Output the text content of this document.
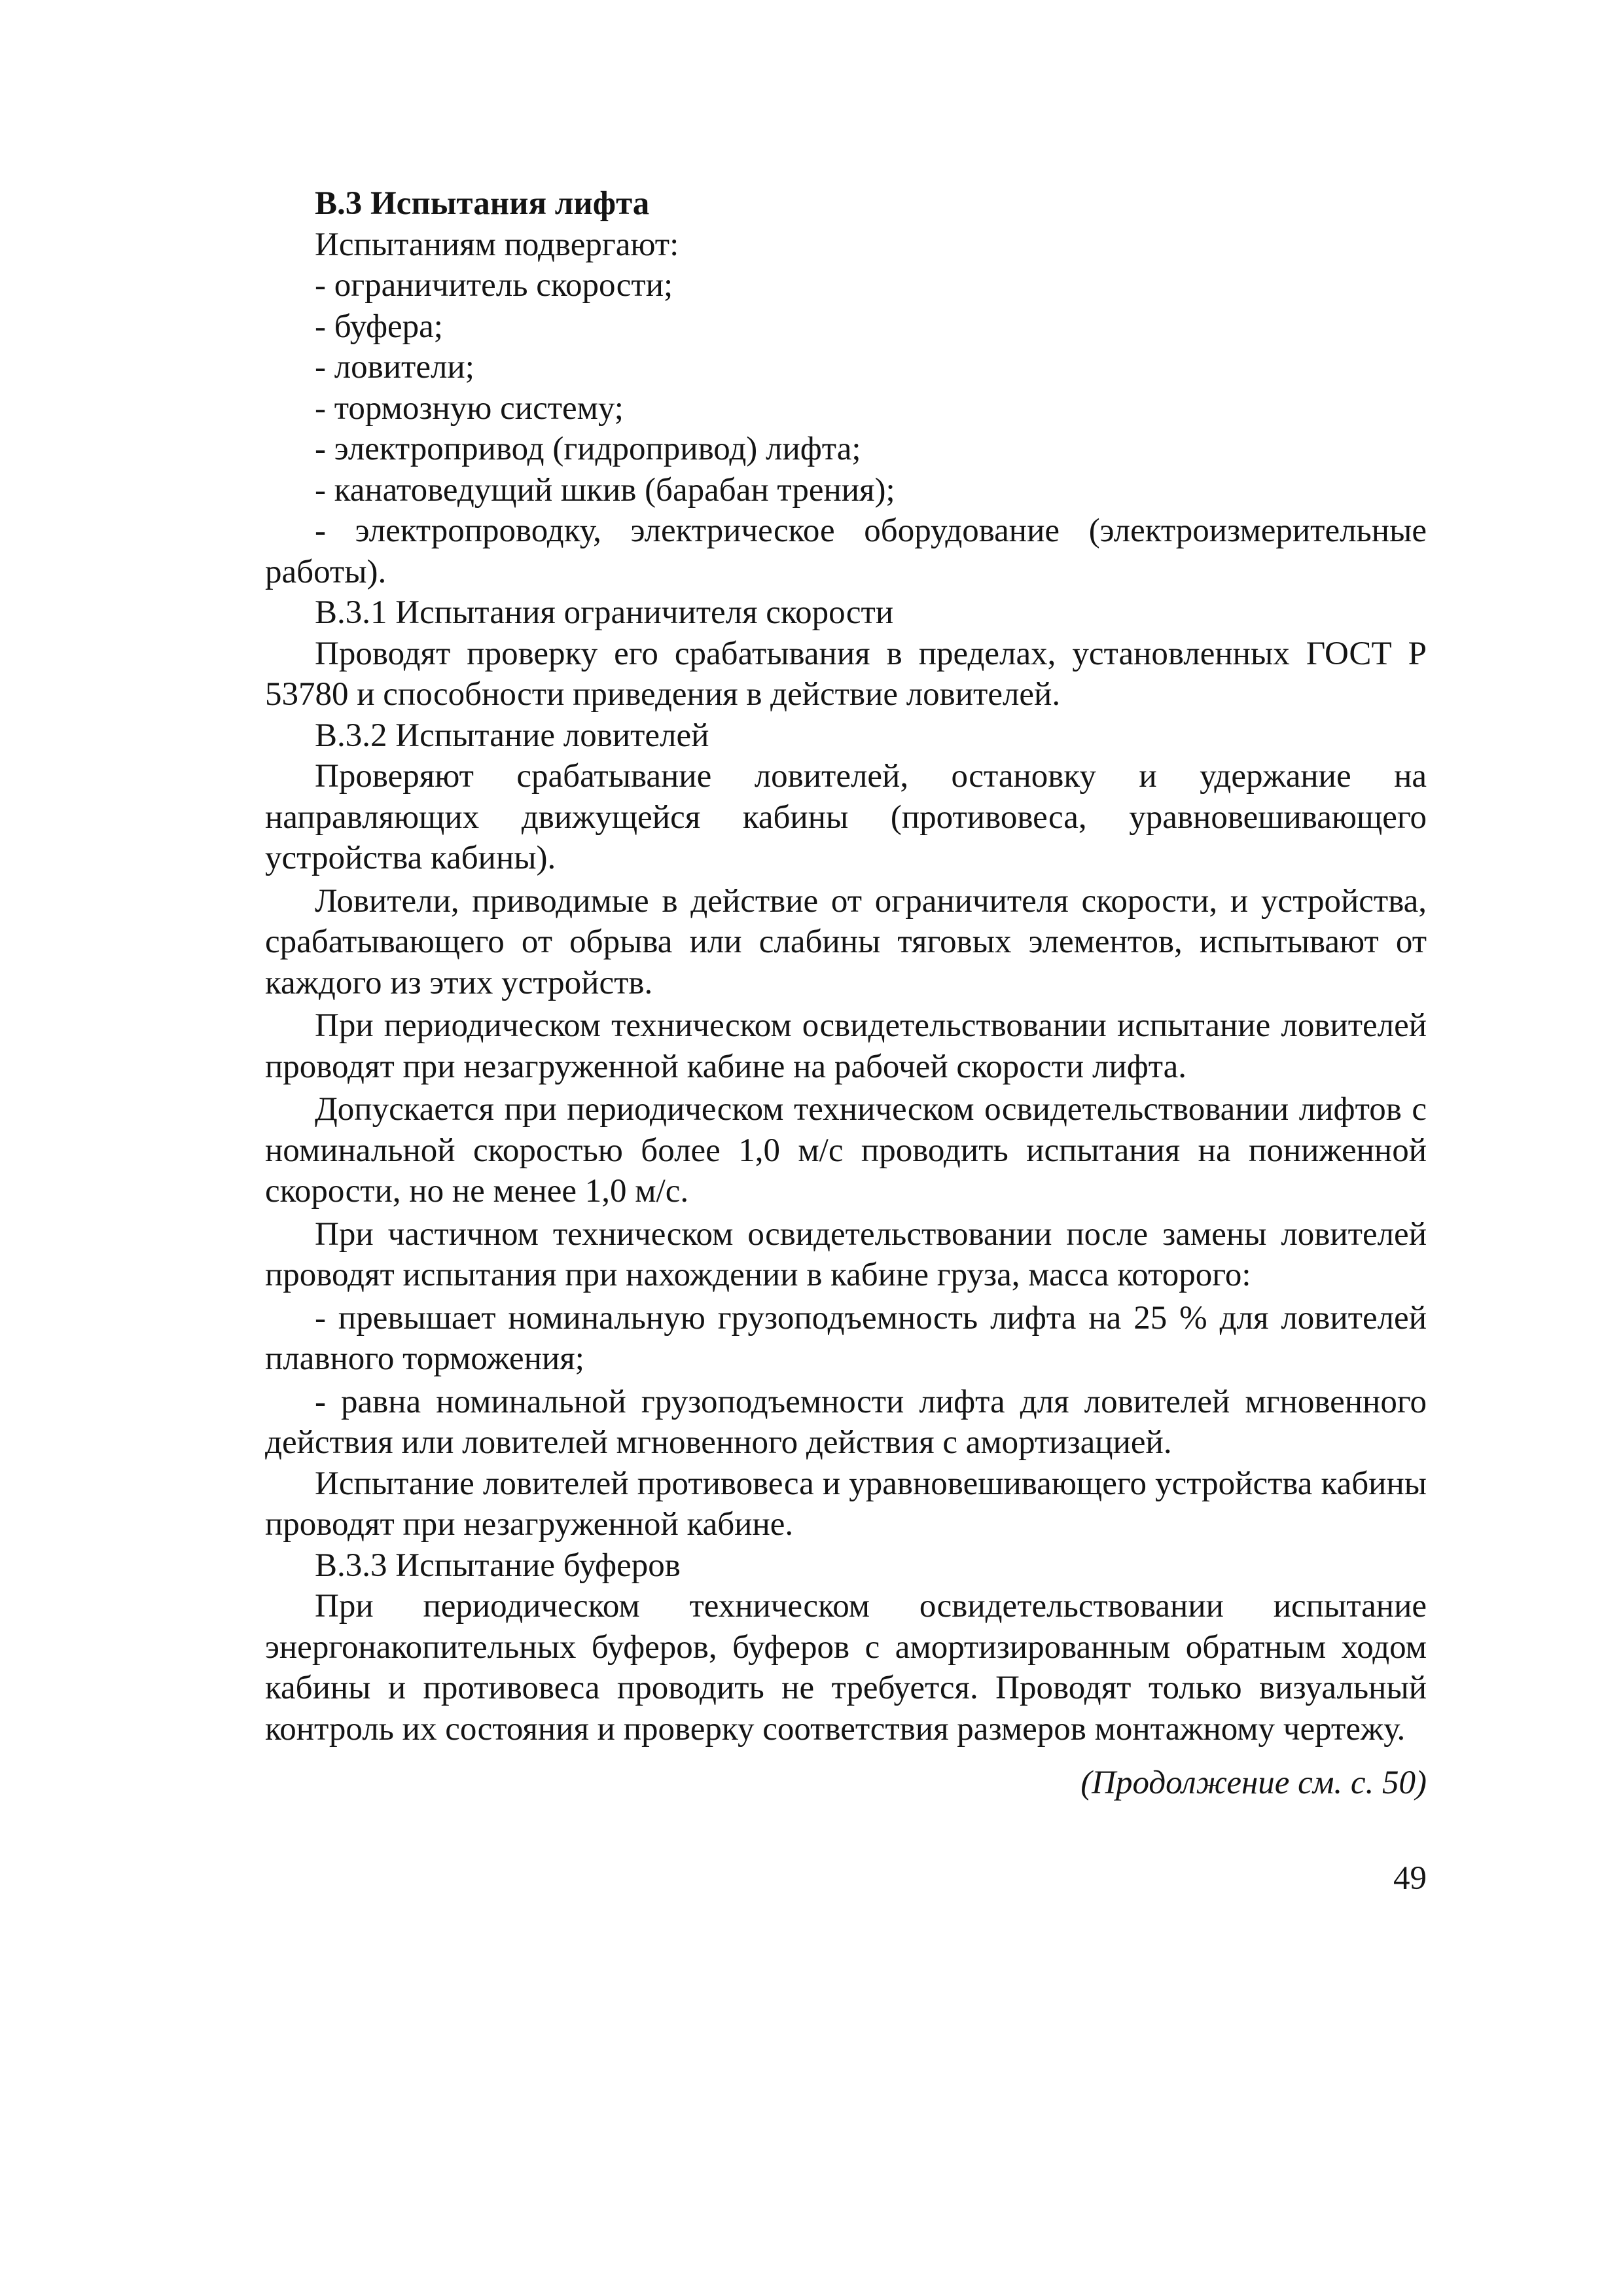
В.3 Испытания лифта

Испытаниям подвергают:

- ограничитель скорости;
- буфера;
- ловители;
- тормозную систему;
- электропривод (гидропривод) лифта;
- канатоведущий шкив (барабан трения);
- электропроводку, электрическое оборудование (электроизмерительные работы).

В.3.1 Испытания ограничителя скорости

Проводят проверку его срабатывания в пределах, установленных ГОСТ Р 53780 и способности приведения в действие ловителей.

В.3.2 Испытание ловителей

Проверяют срабатывание ловителей, остановку и удержание на направляющих движущейся кабины (противовеса, уравновешивающего устройства кабины).

Ловители, приводимые в действие от ограничителя скорости, и устройства, срабатывающего от обрыва или слабины тяговых элементов, испытывают от каждого из этих устройств.

При периодическом техническом освидетельствовании испытание ловителей проводят при незагруженной кабине на рабочей скорости лифта.

Допускается при периодическом техническом освидетельствовании лифтов с номинальной скоростью более 1,0 м/с проводить испытания на пониженной скорости, но не менее 1,0 м/с.

При частичном техническом освидетельствовании после замены ловителей проводят испытания при нахождении в кабине груза, масса которого:

- превышает номинальную грузоподъемность лифта на 25 % для ловителей плавного торможения;
- равна номинальной грузоподъемности лифта для ловителей мгновенного действия или ловителей мгновенного действия с амортизацией.

Испытание ловителей противовеса и уравновешивающего устройства кабины проводят при незагруженной кабине.

В.3.3 Испытание буферов

При периодическом техническом освидетельствовании испытание энергонакопительных буферов, буферов с амортизированным обратным ходом кабины и противовеса проводить не требуется. Проводят только визуальный контроль их состояния и проверку соответствия размеров монтажному чертежу.

(Продолжение см. с. 50)

49
